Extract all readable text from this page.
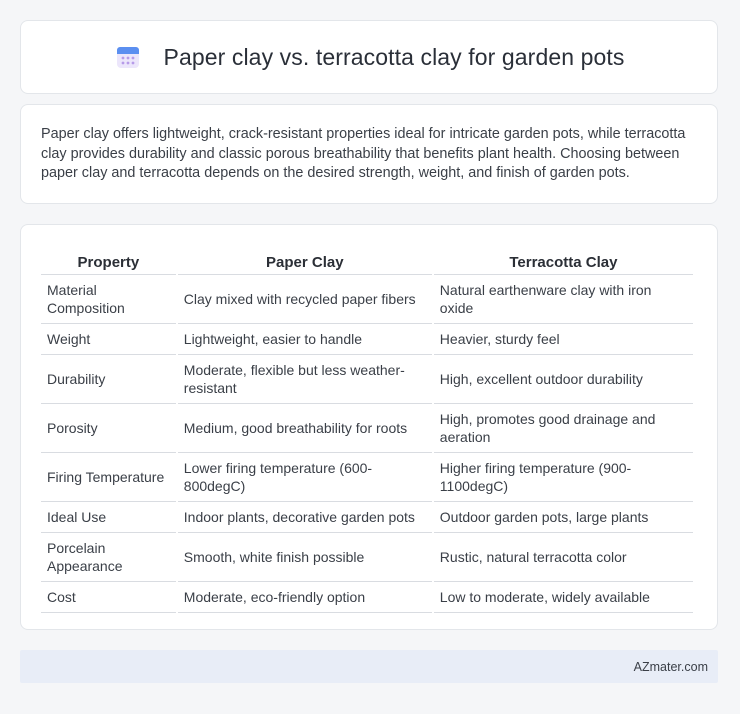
Paper clay vs. terracotta clay for garden pots

Paper clay offers lightweight, crack-resistant properties ideal for intricate garden pots, while terracotta clay provides durability and classic porous breathability that benefits plant health. Choosing between paper clay and terracotta depends on the desired strength, weight, and finish of garden pots.

Property	Paper Clay	Terracotta Clay
Material Composition	Clay mixed with recycled paper fibers	Natural earthenware clay with iron oxide
Weight	Lightweight, easier to handle	Heavier, sturdy feel
Durability	Moderate, flexible but less weather-resistant	High, excellent outdoor durability
Porosity	Medium, good breathability for roots	High, promotes good drainage and aeration
Firing Temperature	Lower firing temperature (600-800degC)	Higher firing temperature (900-1100degC)
Ideal Use	Indoor plants, decorative garden pots	Outdoor garden pots, large plants
Porcelain Appearance	Smooth, white finish possible	Rustic, natural terracotta color
Cost	Moderate, eco-friendly option	Low to moderate, widely available
AZmater.com
